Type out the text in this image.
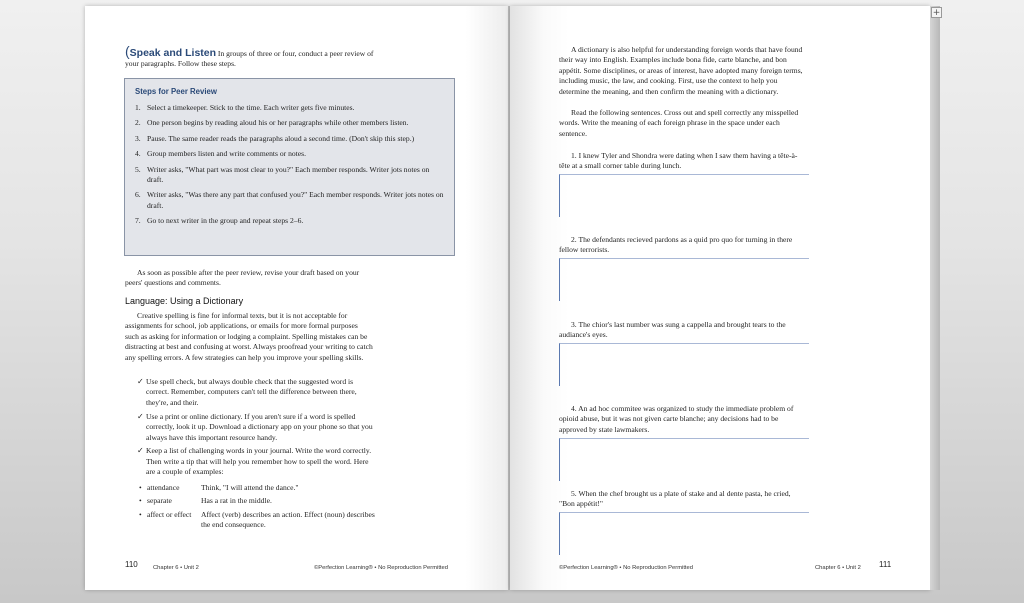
(Speak and Listen In groups of three or four, conduct a peer review of your paragraphs. Follow these steps.

Steps for Peer Review
1. Select a timekeeper. Stick to the time. Each writer gets five minutes.
2. One person begins by reading aloud his or her paragraphs while other members listen.
3. Pause. The same reader reads the paragraphs aloud a second time. (Don't skip this step.)
4. Group members listen and write comments or notes.
5. Writer asks, "What part was most clear to you?" Each member responds. Writer jots notes on draft.
6. Writer asks, "Was there any part that confused you?" Each member responds. Writer jots notes on draft.
7. Go to next writer in the group and repeat steps 2–6.

As soon as possible after the peer review, revise your draft based on your peers' questions and comments.

Language: Using a Dictionary

Creative spelling is fine for informal texts, but it is not acceptable for assignments for school, job applications, or emails for more formal purposes such as asking for information or lodging a complaint. Spelling mistakes can be distracting at best and confusing at worst. Always proofread your writing to catch any spelling errors. A few strategies can help you improve your spelling skills.

✓ Use spell check, but always double check that the suggested word is correct. Remember, computers can't tell the difference between there, they're, and their.
✓ Use a print or online dictionary. If you aren't sure if a word is spelled correctly, look it up. Download a dictionary app on your phone so that you always have this important resource handy.
✓ Keep a list of challenging words in your journal. Write the word correctly. Then write a tip that will help you remember how to spell the word. Here are a couple of examples:
• attendance	Think, "I will attend the dance."
• separate	Has a rat in the middle.
• affect or effect	Affect (verb) describes an action. Effect (noun) describes the end consequence.
110	Chapter 6 • Unit 2	©Perfection Learning® • No Reproduction Permitted

A dictionary is also helpful for understanding foreign words that have found their way into English. Examples include bona fide, carte blanche, and bon appétit. Some disciplines, or areas of interest, have adopted many foreign terms, including music, the law, and cooking. First, use the context to help you determine the meaning, and then confirm the meaning with a dictionary.

Read the following sentences. Cross out and spell correctly any misspelled words. Write the meaning of each foreign phrase in the space under each sentence.

1. I knew Tyler and Shondra were dating when I saw them having a tête-à-tête at a small corner table during lunch.

2. The defendants recieved pardons as a quid pro quo for turning in there fellow terrorists.

3. The chior's last number was sung a cappella and brought tears to the audiance's eyes.

4. An ad hoc commitee was organized to study the immediate problem of opioid abuse, but it was not given carte blanche; any decisions had to be approved by state lawmakers.

5. When the chef brought us a plate of stake and al dente pasta, he cried, "Bon appétit!"

©Perfection Learning® • No Reproduction Permitted	Chapter 6 • Unit 2 111
+
